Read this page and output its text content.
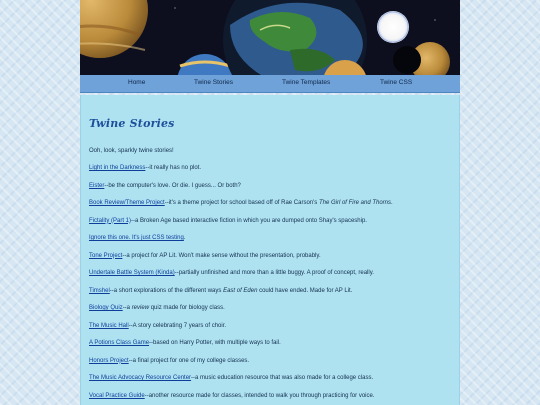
Home	Twine Stories	Twine Templates	Twine CSS
Twine Stories
Ooh, look, sparkly twine stories!
Light in the Darkness--it really has no plot.
Eister--be the computer's love. Or die. I guess... Or both?
Book Review/Theme Project--it's a theme project for school based off of Rae Carson's The Girl of Fire and Thorns.
Fictality (Part 1)--a Broken Age based interactive fiction in which you are dumped onto Shay's spaceship.
Ignore this one. It's just CSS testing.
Tone Project--a project for AP Lit. Won't make sense without the presentation, probably.
Undertale Battle System (Kinda)--partially unfinished and more than a little buggy. A proof of concept, really.
Timshel--a short explorations of the different ways East of Eden could have ended. Made for AP Lit.
Biology Quiz--a review quiz made for biology class.
The Music Hall--A story celebrating 7 years of choir.
A Potions Class Game--based on Harry Potter, with multiple ways to fail.
Honors Project--a final project for one of my college classes.
The Music Advocacy Resource Center--a music education resource that was also made for a college class.
Vocal Practice Guide--another resource made for classes, intended to walk you through practicing for voice.
